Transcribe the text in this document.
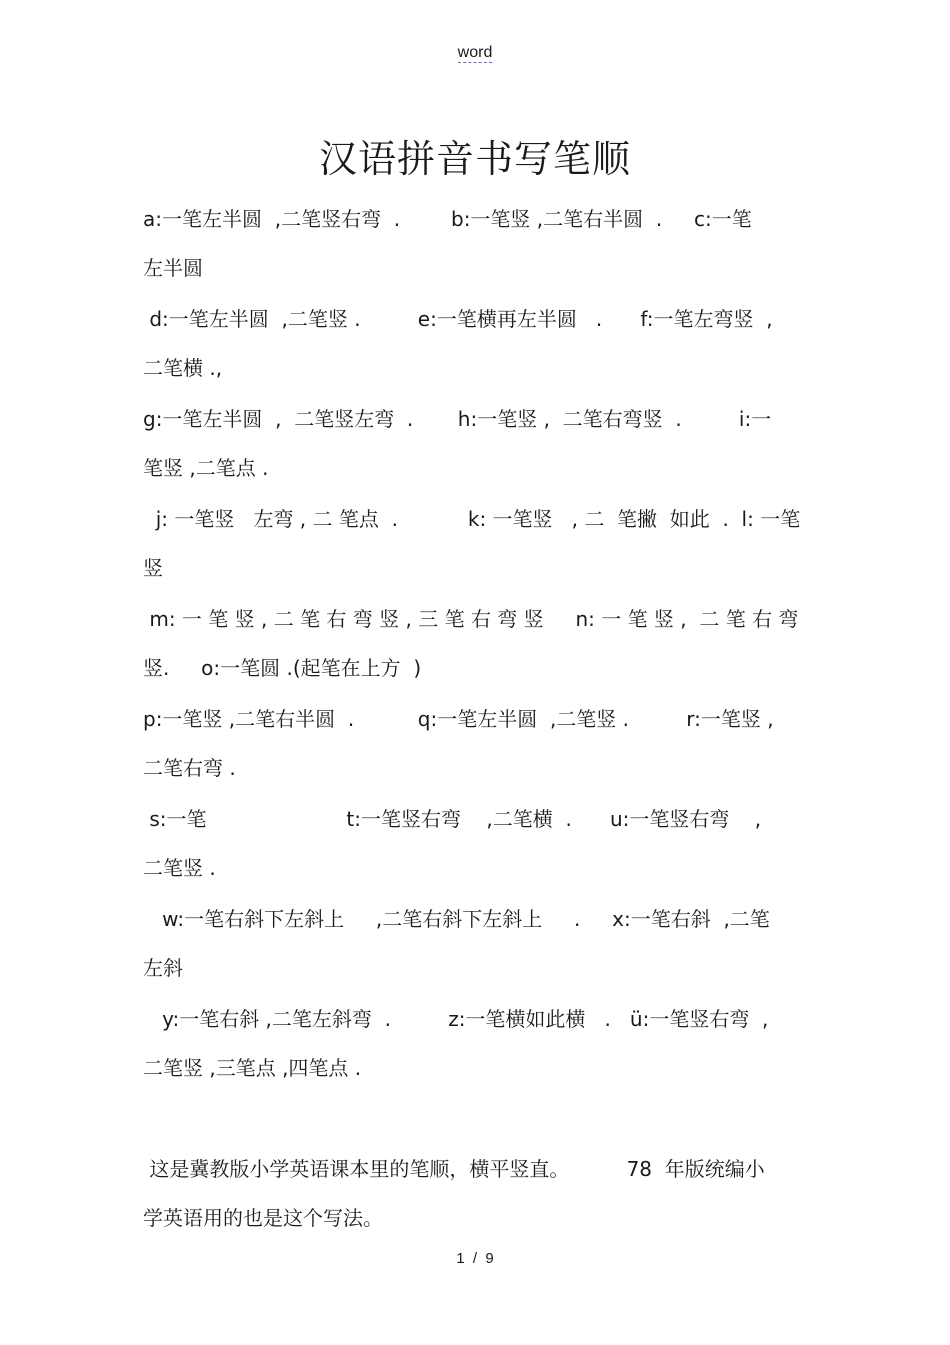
word
汉语拼音书写笔顺
a:一笔左半圆  ,二笔竖右弯  .        b:一笔竖 ,二笔右半圆  .     c:一笔
左半圆
d:一笔左半圆  ,二笔竖 .         e:一笔横再左半圆   .      f:一笔左弯竖  ,
二笔横 .,
g:一笔左半圆  ,  二笔竖左弯  .       h:一笔竖 ,  二笔右弯竖  .         i:一
笔竖 ,二笔点 .
j: 一笔竖   左弯 , 二 笔点  .           k: 一笔竖   , 二  笔撇  如此  .  l: 一笔
竖
m: 一 笔 竖 , 二 笔 右 弯 竖 , 三 笔 右 弯 竖     n: 一 笔 竖 ,  二 笔 右 弯
竖.     o:一笔圆 .(起笔在上方  )
p:一笔竖 ,二笔右半圆  .          q:一笔左半圆  ,二笔竖 .         r:一笔竖 ,
二笔右弯 .
s:一笔                      t:一笔竖右弯    ,二笔横  .      u:一笔竖右弯    ,
二笔竖 .
w:一笔右斜下左斜上     ,二笔右斜下左斜上     .     x:一笔右斜  ,二笔
左斜
y:一笔右斜 ,二笔左斜弯  .         z:一笔横如此横   .   ü:一笔竖右弯  ,
二笔竖 ,三笔点 ,四笔点 .
这是冀教版小学英语课本里的笔顺，横平竖直。         78  年版统编小
学英语用的也是这个写法。
1  /  9
